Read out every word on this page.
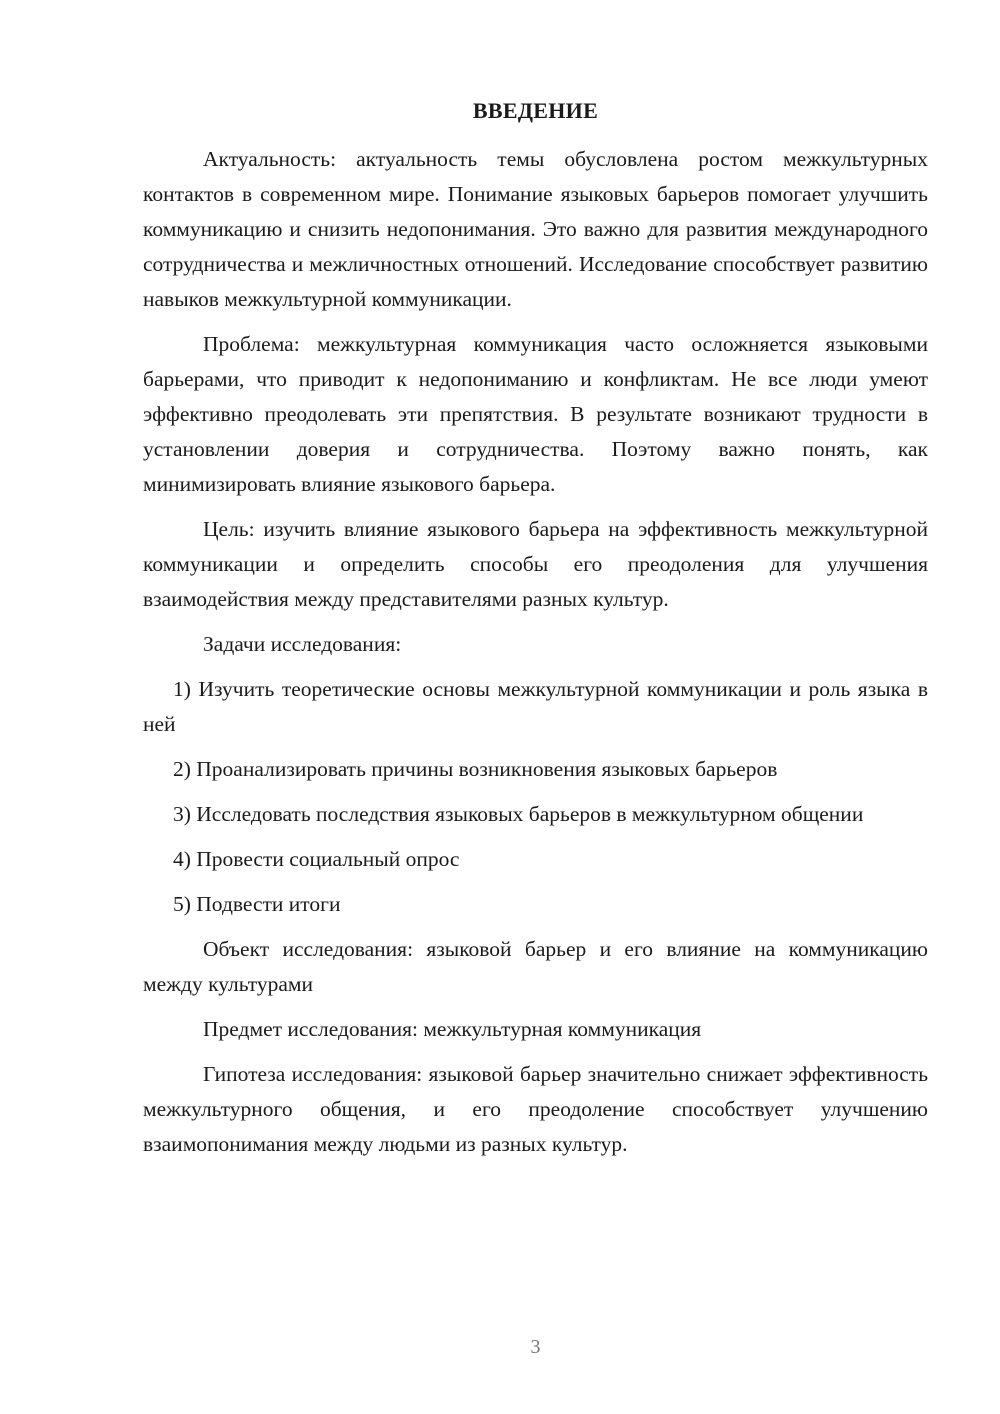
ВВЕДЕНИЕ

Актуальность: актуальность темы обусловлена ростом межкультурных контактов в современном мире. Понимание языковых барьеров помогает улучшить коммуникацию и снизить недопонимания. Это важно для развития международного сотрудничества и межличностных отношений. Исследование способствует развитию навыков межкультурной коммуникации.

Проблема: межкультурная коммуникация часто осложняется языковыми барьерами, что приводит к недопониманию и конфликтам. Не все люди умеют эффективно преодолевать эти препятствия. В результате возникают трудности в установлении доверия и сотрудничества. Поэтому важно понять, как минимизировать влияние языкового барьера.

Цель: изучить влияние языкового барьера на эффективность межкультурной коммуникации и определить способы его преодоления для улучшения взаимодействия между представителями разных культур.

Задачи исследования:

1) Изучить теоретические основы межкультурной коммуникации и роль языка в ней

2) Проанализировать причины возникновения языковых барьеров

3) Исследовать последствия языковых барьеров в межкультурном общении

4) Провести социальный опрос

5) Подвести итоги

Объект исследования: языковой барьер и его влияние на коммуникацию между культурами

Предмет исследования: межкультурная коммуникация

Гипотеза исследования: языковой барьер значительно снижает эффективность межкультурного общения, и его преодоление способствует улучшению взаимопонимания между людьми из разных культур.

3
